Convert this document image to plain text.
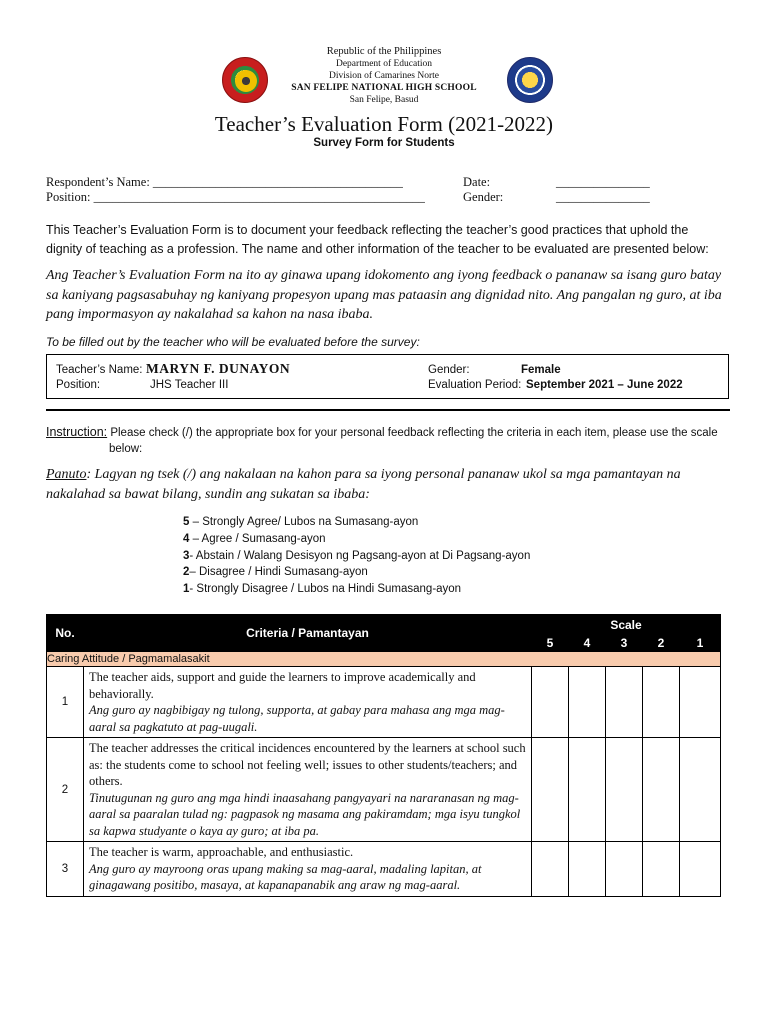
Republic of the Philippines
Department of Education
Division of Camarines Norte
SAN FELIPE NATIONAL HIGH SCHOOL
San Felipe, Basud
Teacher’s Evaluation Form (2021-2022)
Survey Form for Students
Respondent’s Name: ________________________________________
Position: _____________________________________________________
Date:	_______________
Gender:	_______________
This Teacher’s Evaluation Form is to document your feedback reflecting the teacher’s good practices that uphold the dignity of teaching as a profession. The name and other information of the teacher to be evaluated are presented below:
Ang Teacher’s Evaluation Form na ito ay ginawa upang idokomento ang iyong feedback o pananaw sa isang guro batay sa kaniyang pagsasabuhay ng kaniyang propesyon upang mas pataasin ang dignidad nito. Ang pangalan ng guro, at iba pang impormasyon ay nakalahad sa kahon na nasa ibaba.
To be filled out by the teacher who will be evaluated before the survey:
Teacher’s Name: MARYN F. DUNAYON
Position:	JHS Teacher III
Gender:	Female
Evaluation Period: September 2021 – June 2022
Instruction: Please check (/) the appropriate box for your personal feedback reflecting the criteria in each item, please use the scale
below:
Panuto: Lagyan ng tsek (/) ang nakalaan na kahon para sa iyong personal pananaw ukol sa mga pamantayan na nakalahad sa bawat bilang, sundin ang sukatan sa ibaba:
5 – Strongly Agree/ Lubos na Sumasang-ayon
4 – Agree / Sumasang-ayon
3- Abstain / Walang Desisyon ng Pagsang-ayon at Di Pagsang-ayon
2– Disagree / Hindi Sumasang-ayon
1- Strongly Disagree / Lubos na Hindi Sumasang-ayon
No.	Criteria / Pamantayan	Scale				
		5	4	3	2	1
Caring Attitude / Pagmamalasakit						
1	The teacher aids, support and guide the learners to improve academically and behaviorally.
Ang guro ay nagbibigay ng tulong, supporta, at gabay para mahasa ang mga mag-aaral sa pagkatuto at pag-uugali.					

2	The teacher addresses the critical incidences encountered by the learners at school such as: the students come to school not feeling well; issues to other students/teachers; and others.
Tinutugunan ng guro ang mga hindi inaasahang pangyayari na nararanasan ng mag-aaral sa paaralan tulad ng: pagpasok ng masama ang pakiramdam; mga isyu tungkol sa kapwa studyante o kaya ay guro; at iba pa.					

3	The teacher is warm, approachable, and enthusiastic.
Ang guro ay mayroong oras upang making sa mag-aaral, madaling lapitan, at ginagawang positibo, masaya, at kapanapanabik ang araw ng mag-aaral.					
